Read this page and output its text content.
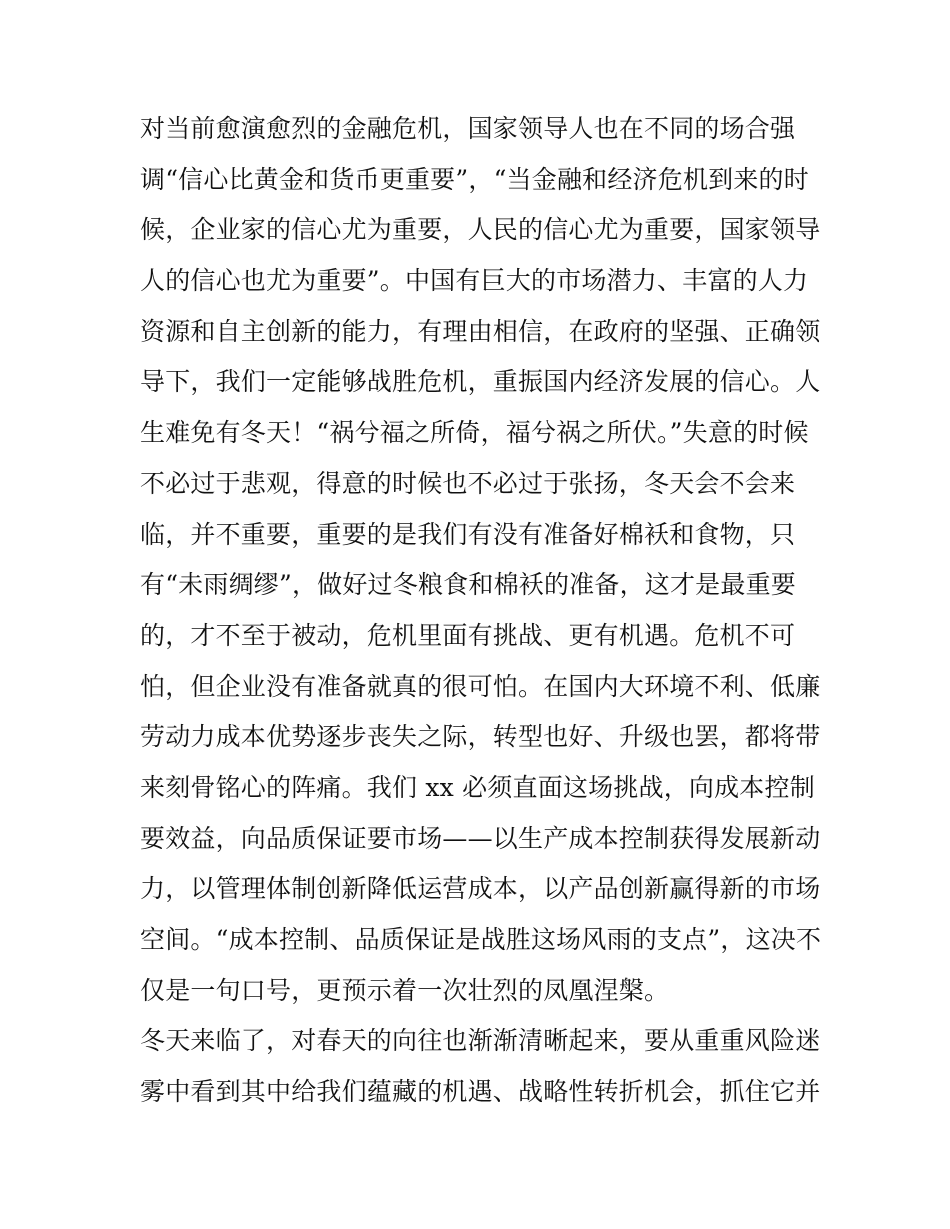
对当前愈演愈烈的金融危机，国家领导人也在不同的场合强
调“信心比黄金和货币更重要”，“当金融和经济危机到来的时
候，企业家的信心尤为重要，人民的信心尤为重要，国家领导
人的信心也尤为重要”。中国有巨大的市场潜力、丰富的人力
资源和自主创新的能力，有理由相信，在政府的坚强、正确领
导下，我们一定能够战胜危机，重振国内经济发展的信心。人
生难免有冬天！“祸兮福之所倚，福兮祸之所伏。”失意的时候
不必过于悲观，得意的时候也不必过于张扬，冬天会不会来
临，并不重要，重要的是我们有没有准备好棉袄和食物，只
有“未雨绸缪”，做好过冬粮食和棉袄的准备，这才是最重要
的，才不至于被动，危机里面有挑战、更有机遇。危机不可
怕，但企业没有准备就真的很可怕。在国内大环境不利、低廉
劳动力成本优势逐步丧失之际，转型也好、升级也罢，都将带
来刻骨铭心的阵痛。我们 xx 必须直面这场挑战，向成本控制
要效益，向品质保证要市场——以生产成本控制获得发展新动
力，以管理体制创新降低运营成本，以产品创新赢得新的市场
空间。“成本控制、品质保证是战胜这场风雨的支点”，这决不
仅是一句口号，更预示着一次壮烈的凤凰涅槃。
冬天来临了，对春天的向往也渐渐清晰起来，要从重重风险迷
雾中看到其中给我们蕴藏的机遇、战略性转折机会，抓住它并
